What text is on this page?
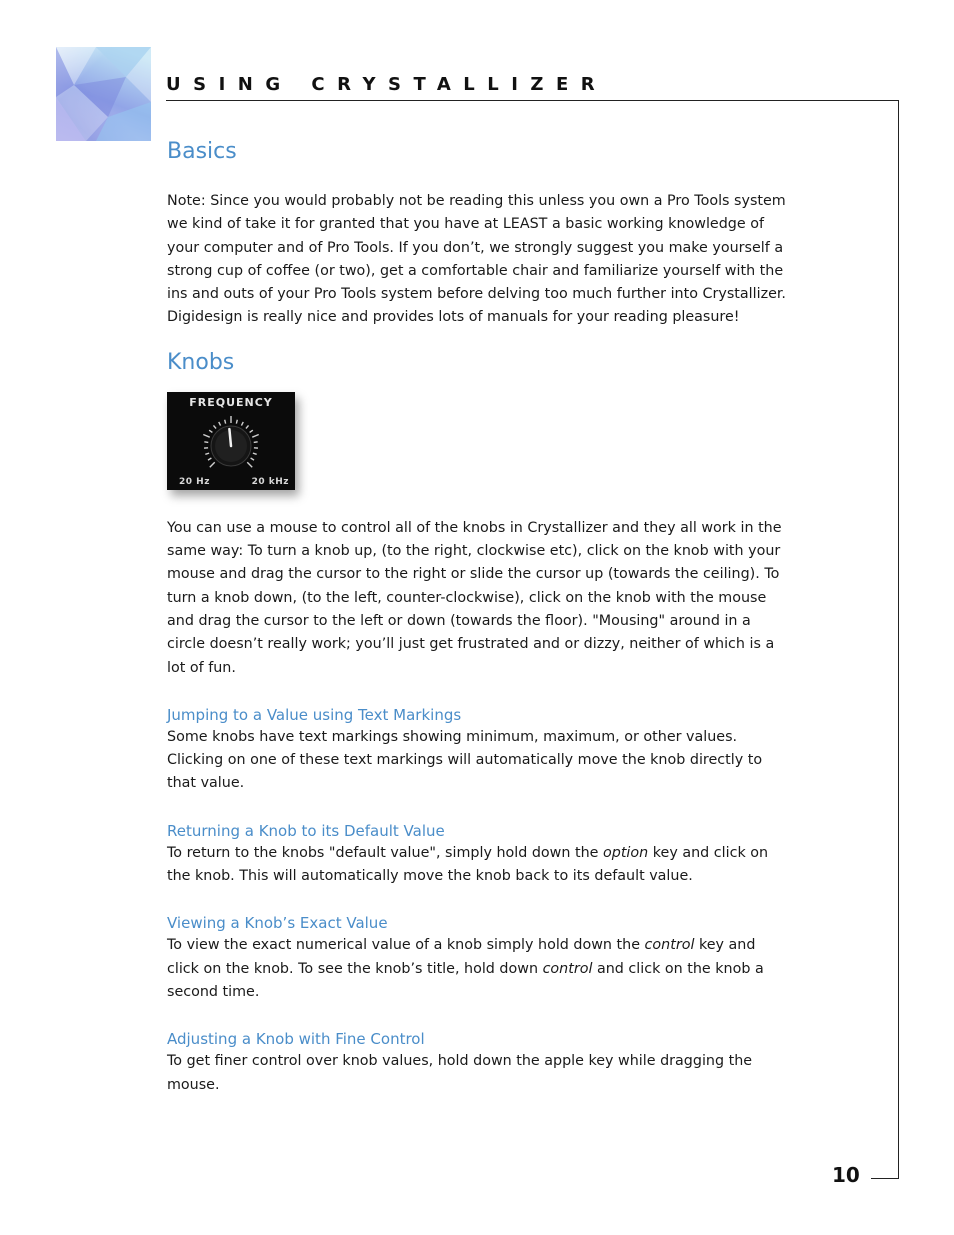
USING CRYSTALLIZER
10
Basics

Note: Since you would probably not be reading this unless you own a Pro Tools system we kind of take it for granted that you have at LEAST a basic working knowledge of your computer and of Pro Tools. If you don’t, we strongly suggest you make yourself a strong cup of coffee (or two), get a comfortable chair and familiarize yourself with the ins and outs of your Pro Tools system before delving too much further into Crystallizer. Digidesign is really nice and provides lots of manuals for your reading pleasure!

Knobs
FREQUENCY
20 Hz	20 kHz

You can use a mouse to control all of the knobs in Crystallizer and they all work in the same way: To turn a knob up, (to the right, clockwise etc), click on the knob with your mouse and drag the cursor to the right or slide the cursor up (towards the ceiling). To turn a knob down, (to the left, counter-clockwise), click on the knob with the mouse and drag the cursor to the left or down (towards the floor). "Mousing" around in a circle doesn’t really work; you’ll just get frustrated and or dizzy, neither of which is a lot of fun.

Jumping to a Value using Text Markings

Some knobs have text markings showing minimum, maximum, or other values. Clicking on one of these text markings will automatically move the knob directly to that value.

Returning a Knob to its Default Value

To return to the knobs "default value", simply hold down the option key and click on the knob. This will automatically move the knob back to its default value.

Viewing a Knob’s Exact Value

To view the exact numerical value of a knob simply hold down the control key and click on the knob. To see the knob’s title, hold down control and click on the knob a second time.

Adjusting a Knob with Fine Control

To get finer control over knob values, hold down the apple key while dragging the mouse.
